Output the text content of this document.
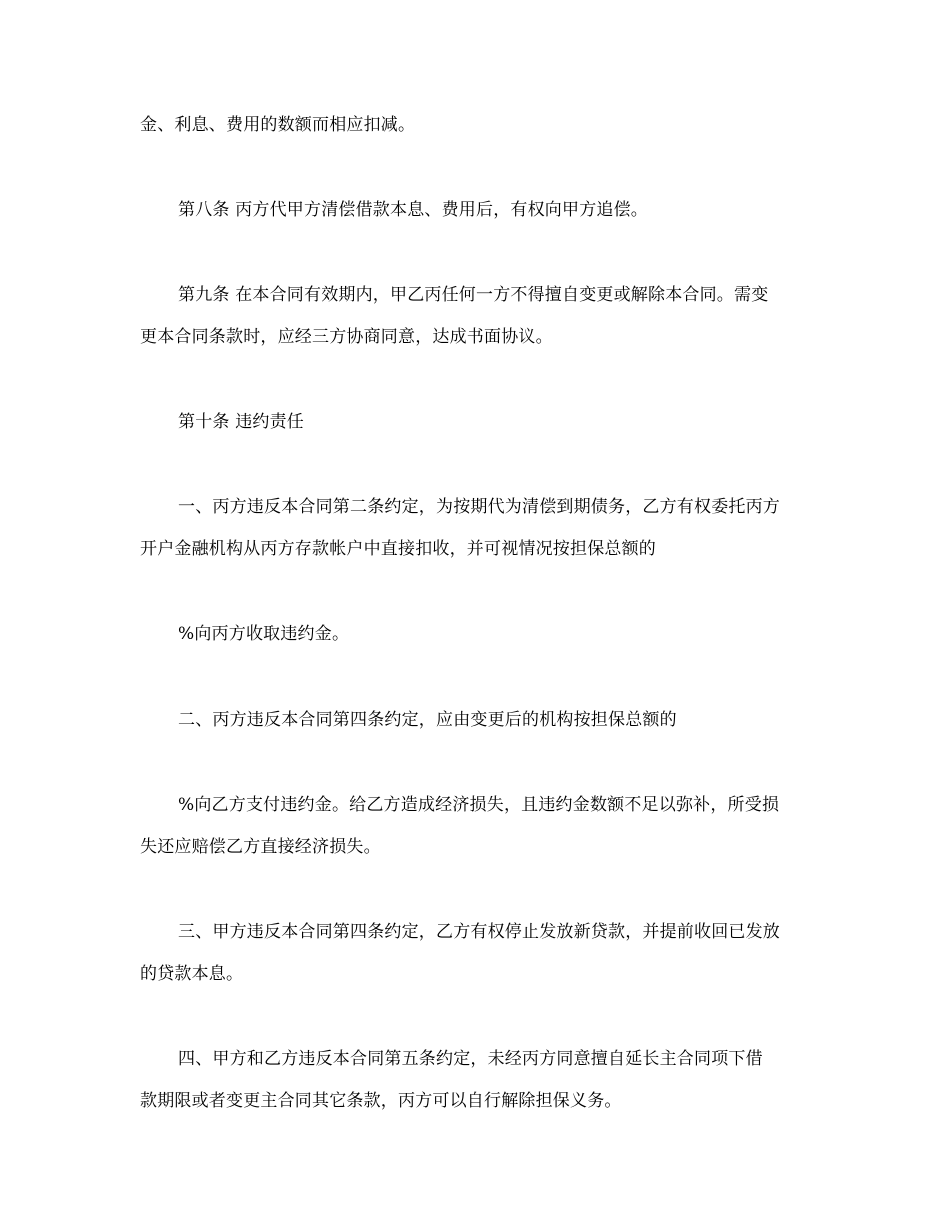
金、利息、费用的数额而相应扣减。
第八条 丙方代甲方清偿借款本息、费用后，有权向甲方追偿。
第九条 在本合同有效期内，甲乙丙任何一方不得擅自变更或解除本合同。需变
更本合同条款时，应经三方协商同意，达成书面协议。
第十条 违约责任
一、丙方违反本合同第二条约定，为按期代为清偿到期债务，乙方有权委托丙方
开户金融机构从丙方存款帐户中直接扣收，并可视情况按担保总额的
%向丙方收取违约金。
二、丙方违反本合同第四条约定，应由变更后的机构按担保总额的
%向乙方支付违约金。给乙方造成经济损失，且违约金数额不足以弥补，所受损
失还应赔偿乙方直接经济损失。
三、甲方违反本合同第四条约定，乙方有权停止发放新贷款，并提前收回已发放
的贷款本息。
四、甲方和乙方违反本合同第五条约定，未经丙方同意擅自延长主合同项下借
款期限或者变更主合同其它条款，丙方可以自行解除担保义务。
